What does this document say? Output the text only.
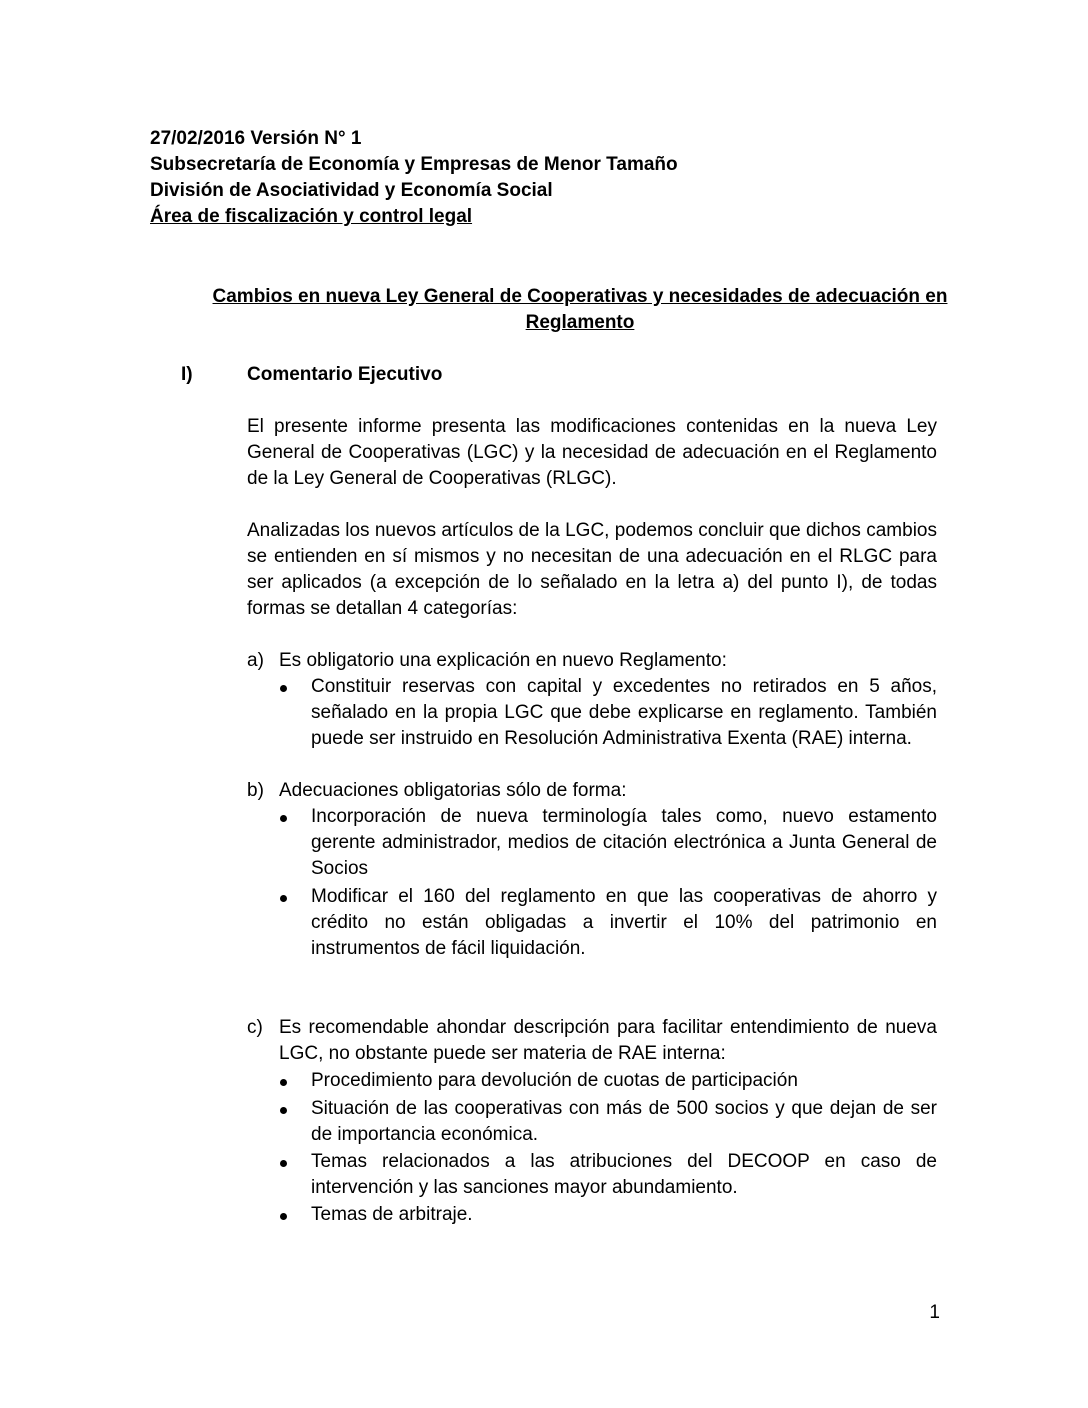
27/02/2016 Versión N° 1
Subsecretaría de Economía y Empresas de Menor Tamaño
División de Asociatividad y Economía Social
Área de fiscalización y control legal
Cambios en nueva Ley General de Cooperativas y necesidades de adecuación en Reglamento
I)	Comentario Ejecutivo
El presente informe presenta las modificaciones contenidas en la nueva Ley General de Cooperativas (LGC) y la necesidad de adecuación en el Reglamento de la Ley General de Cooperativas (RLGC).
Analizadas los nuevos artículos de la LGC, podemos concluir que dichos cambios se entienden en sí mismos y no necesitan de una adecuación en el RLGC para ser aplicados (a excepción de lo señalado en la letra a) del punto I), de todas formas se detallan 4 categorías:
a) Es obligatorio una explicación en nuevo Reglamento:
Constituir reservas con capital y excedentes no retirados en 5 años, señalado en la propia LGC que debe explicarse en reglamento. También puede ser instruido en Resolución Administrativa Exenta (RAE) interna.
b) Adecuaciones obligatorias sólo de forma:
Incorporación de nueva terminología tales como, nuevo estamento gerente administrador, medios de citación electrónica a Junta General de Socios
Modificar el 160 del reglamento en que las cooperativas de ahorro y crédito no están obligadas a invertir el 10% del patrimonio en instrumentos de fácil liquidación.
c) Es recomendable ahondar descripción para facilitar entendimiento de nueva LGC, no obstante puede ser materia de RAE interna:
Procedimiento para devolución de cuotas de participación
Situación de las cooperativas con más de 500 socios y que dejan de ser de importancia económica.
Temas relacionados a las atribuciones del DECOOP en caso de intervención y las sanciones mayor abundamiento.
Temas de arbitraje.
1
